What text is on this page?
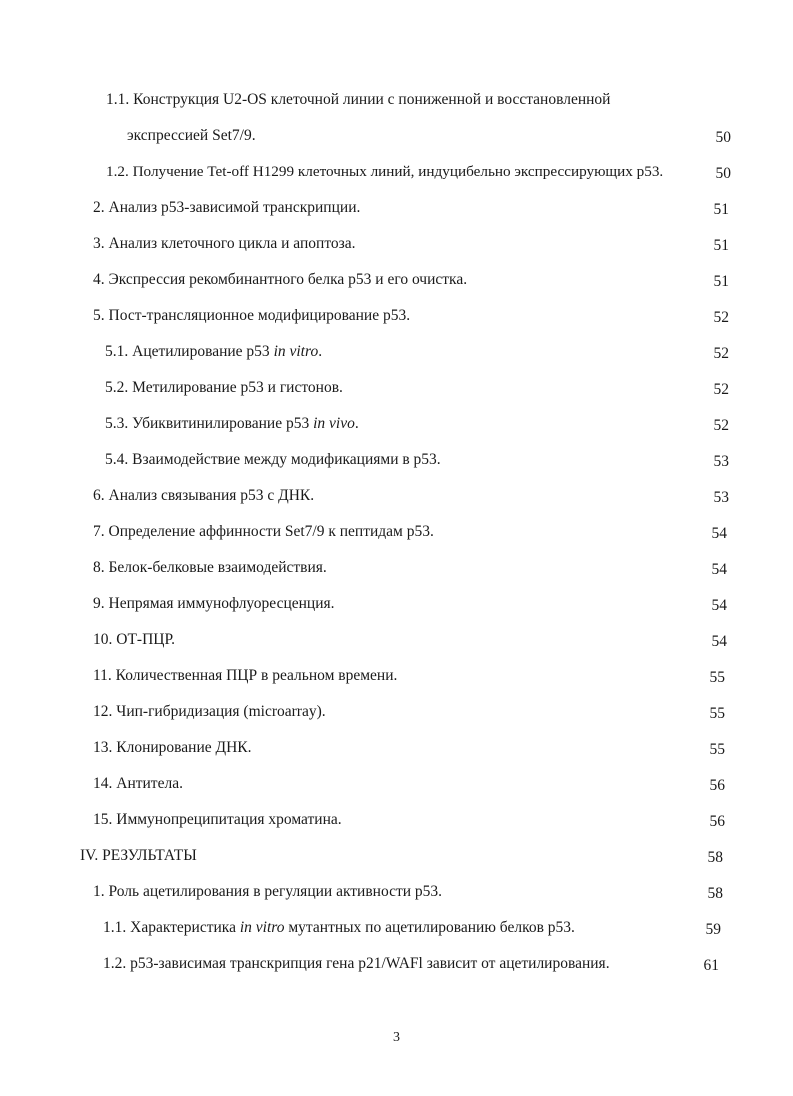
1.1. Конструкция U2-OS клеточной линии с пониженной и восстановленной
экспрессией Set7/9.	50
1.2. Получение Tet-off H1299 клеточных линий, индуцибельно экспрессирующих p53.	50
2. Анализ p53-зависимой транскрипции.	51
3. Анализ клеточного цикла и апоптоза.	51
4. Экспрессия рекомбинантного белка p53 и его очистка.	51
5. Пост-трансляционное модифицирование p53.	52
5.1. Ацетилирование p53 in vitro.	52
5.2. Метилирование p53 и гистонов.	52
5.3. Убиквитинилирование p53 in vivo.	52
5.4. Взаимодействие между модификациями в p53.	53
6. Анализ связывания p53 с ДНК.	53
7. Определение аффинности Set7/9 к пептидам p53.	54
8. Белок-белковые взаимодействия.	54
9. Непрямая иммунофлуоресценция.	54
10. ОТ-ПЦР.	54
11. Количественная ПЦР в реальном времени.	55
12. Чип-гибридизация (microarray).	55
13. Клонирование ДНК.	55
14. Антитела.	56
15. Иммунопреципитация хроматина.	56
IV. РЕЗУЛЬТАТЫ	58
1. Роль ацетилирования в регуляции активности p53.	58
1.1. Характеристика in vitro мутантных по ацетилированию белков p53.	59
1.2. p53-зависимая транскрипция гена p21/WAFl зависит от ацетилирования.	61
3
